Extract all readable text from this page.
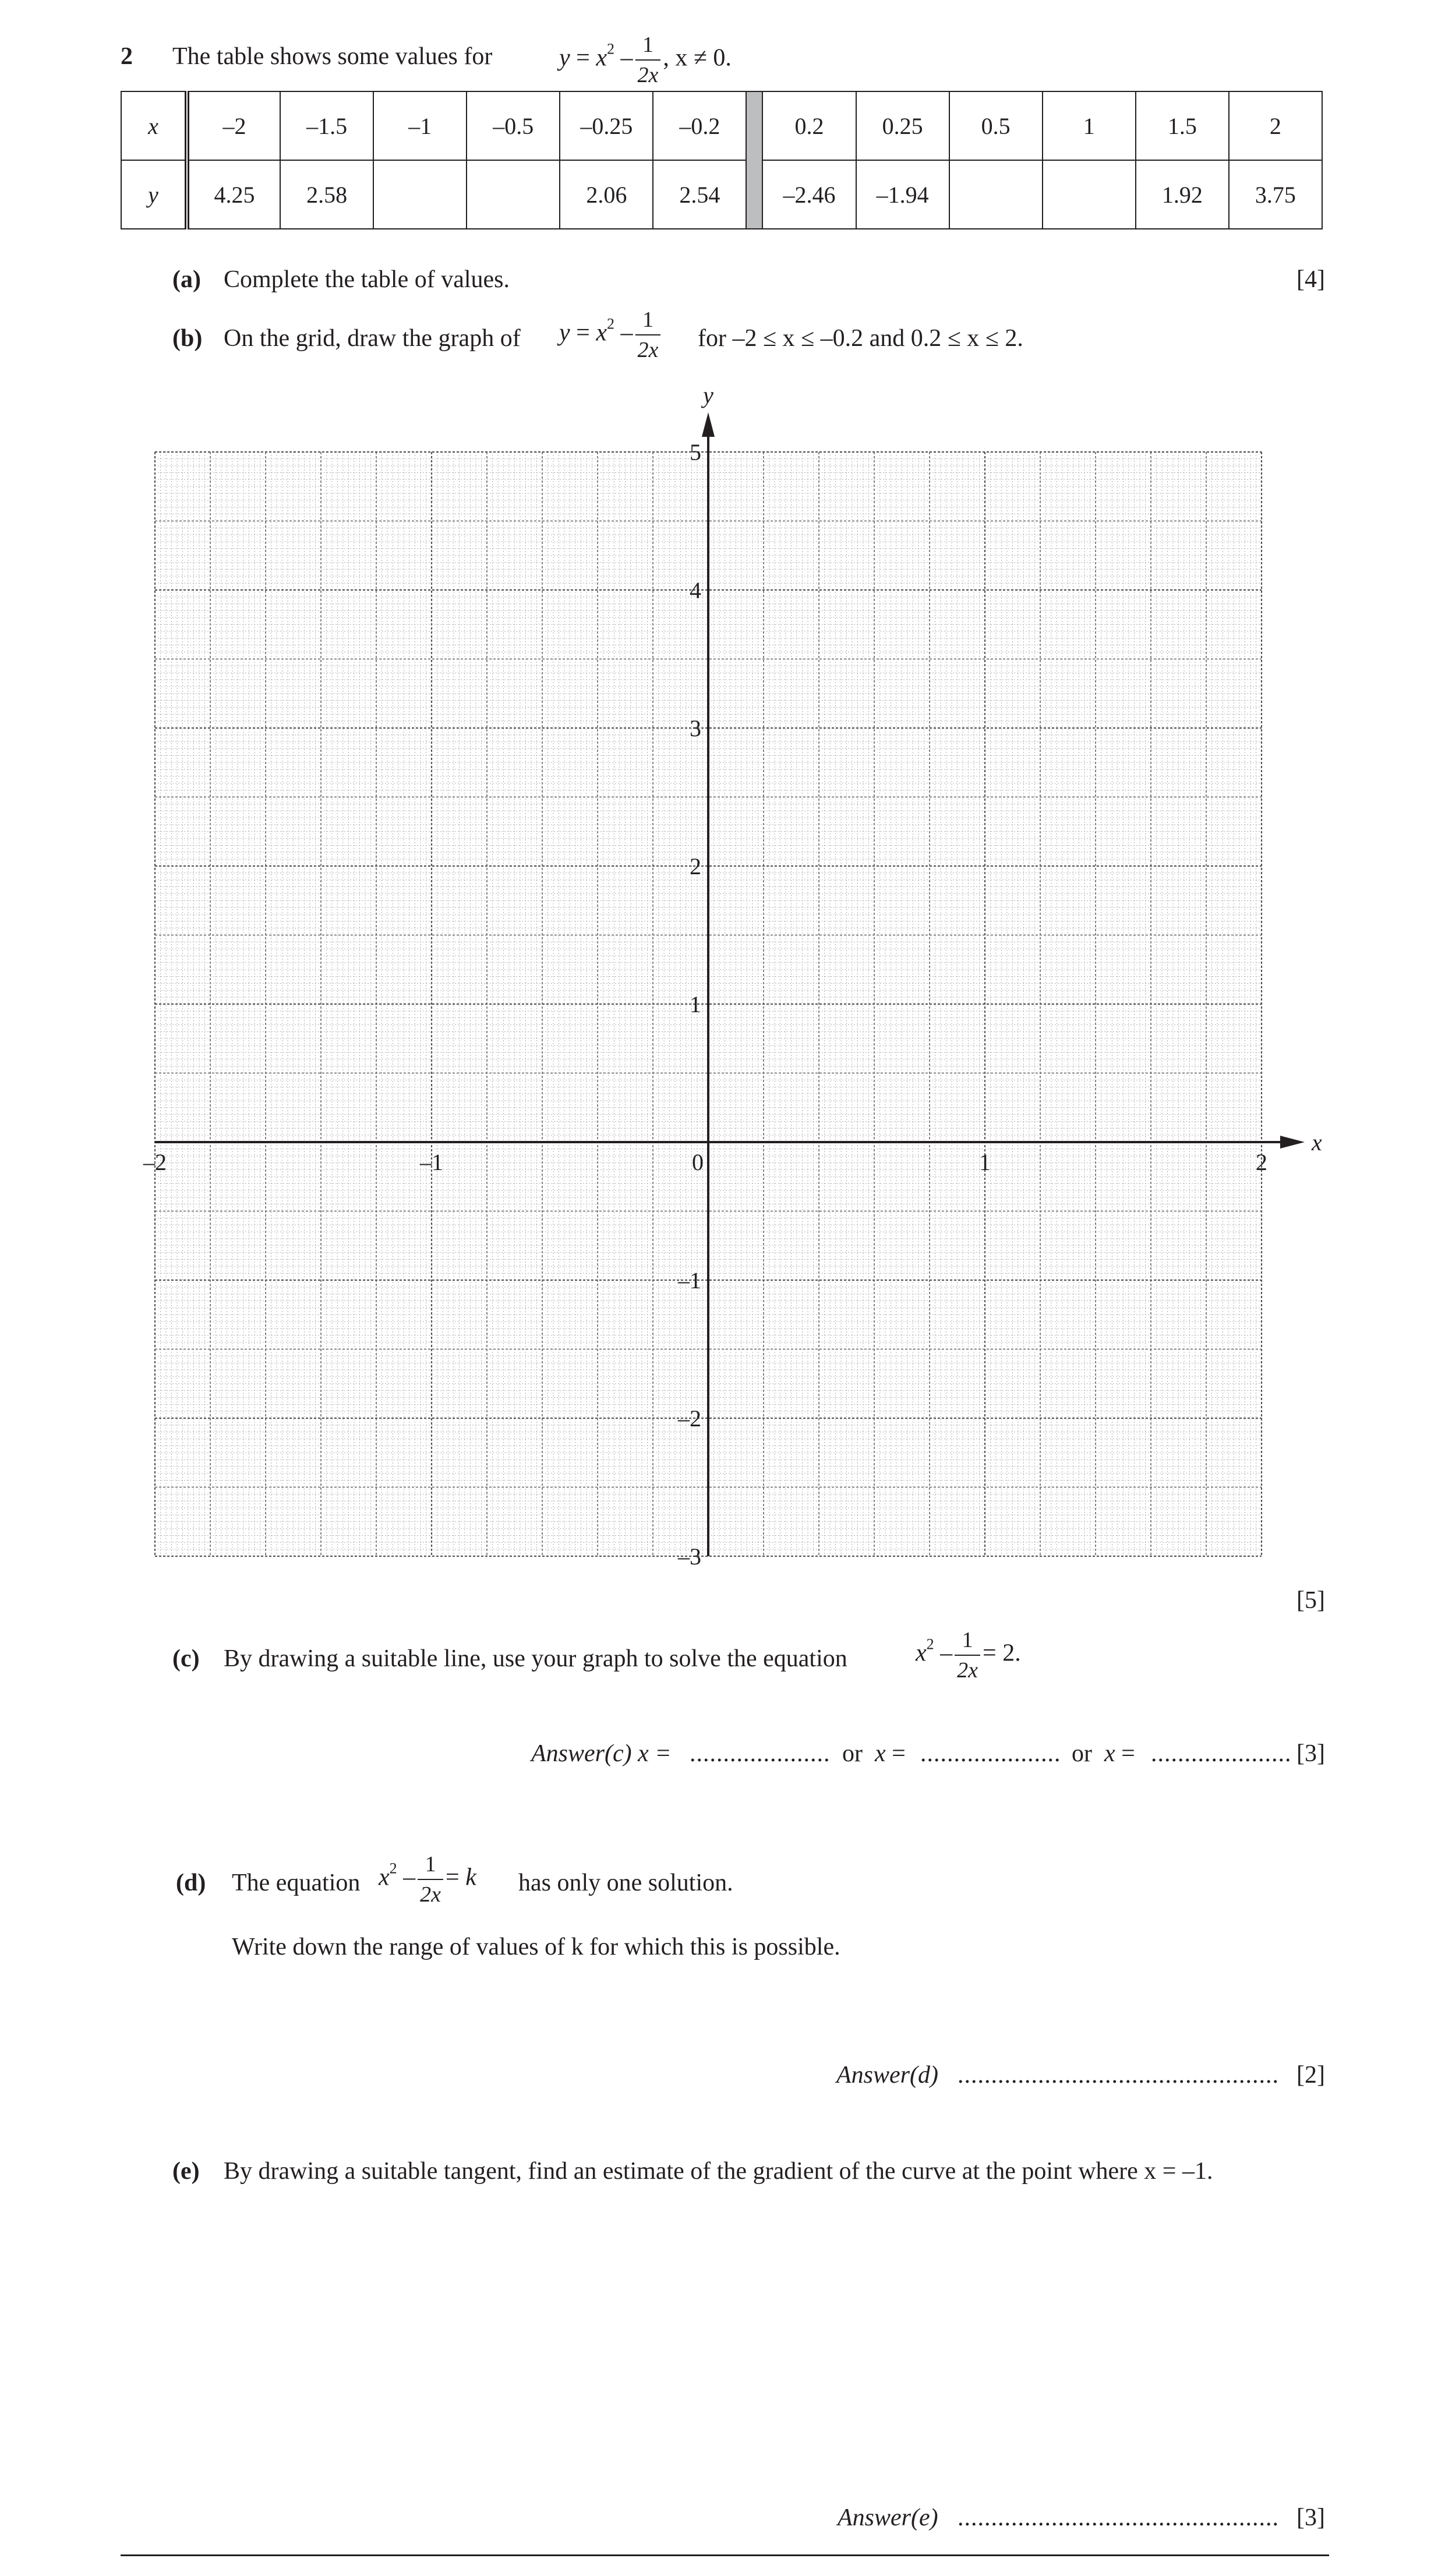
2 The table shows some values for	$y = x^2 - \frac{1}{2x}$ , x ≠ 0.
x	–2	–1.5	–1	–0.5	–0.25	–0.2		0.2	0.25	0.5	1	1.5	2
y	4.25	2.58			2.06	2.54		–2.46	–1.94			1.92	3.75
(a) Complete the table of values.	[4]
(b) On the grid, draw the graph of $y = x^2 - \frac{1}{2x}$ for –2 ≤ x ≤ –0.2 and 0.2 ≤ x ≤ 2.
x
y
–2	–1	0	1	2
5
4
3
2
1
–1
–2
–3
[5]
(c) By drawing a suitable line, use your graph to solve the equation	$x^2 - \frac{1}{2x} = 2$.
Answer(c) x = ..................... or  x = ..................... or  x = ..................... [3]
(d) The equation $x^2 - \frac{1}{2x} = k$ has only one solution.
Write down the range of values of k for which this is possible.
Answer(d) ................................................ [2]
(e) By drawing a suitable tangent, find an estimate of the gradient of the curve at the point where x = –1.
Answer(e) ................................................ [3]
